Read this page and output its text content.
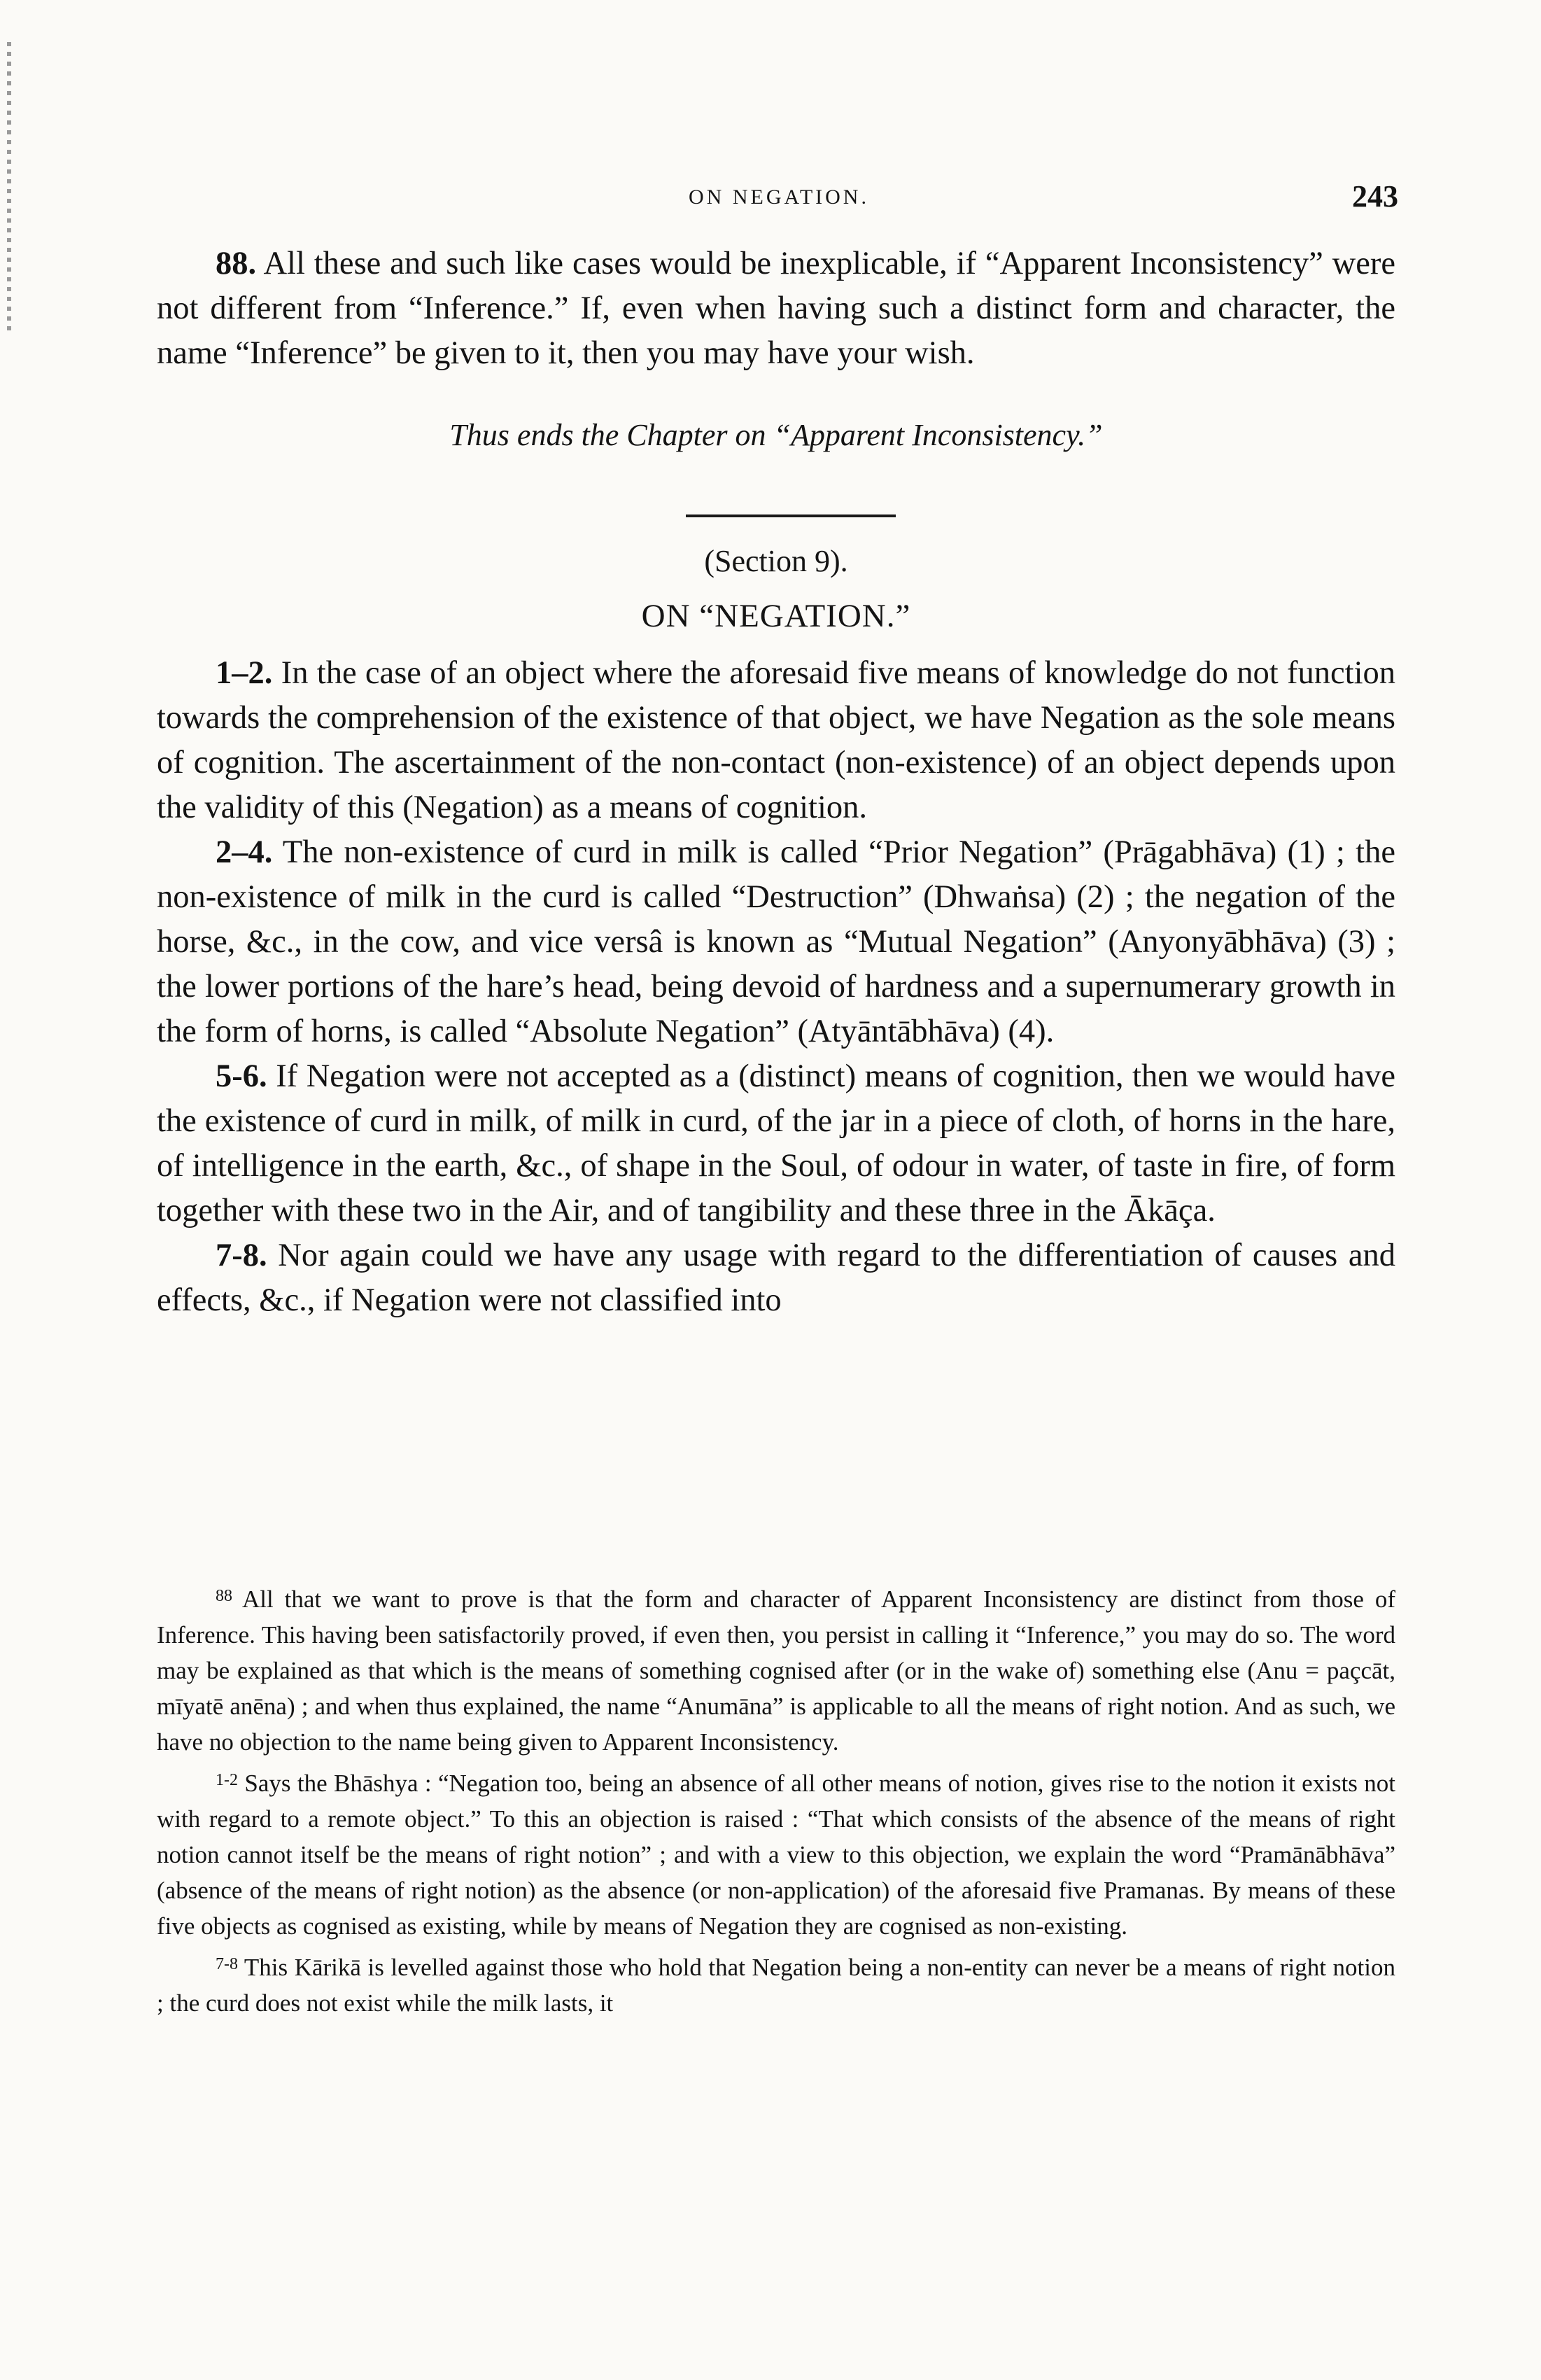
ON NEGATION.	243

88. All these and such like cases would be inexplicable, if “Apparent Inconsistency” were not different from “Inference.” If, even when having such a distinct form and character, the name “Inference” be given to it, then you may have your wish.

Thus ends the Chapter on “Apparent Inconsistency.”
(Section 9).
ON “NEGATION.”

1–2. In the case of an object where the aforesaid five means of knowledge do not function towards the comprehension of the existence of that object, we have Negation as the sole means of cognition. The ascertainment of the non-contact (non-existence) of an object depends upon the validity of this (Negation) as a means of cognition.

2–4. The non-existence of curd in milk is called “Prior Negation” (Prāgabhāva) (1) ; the non-existence of milk in the curd is called “Destruction” (Dhwaṅsa) (2) ; the negation of the horse, &c., in the cow, and vice versâ is known as “Mutual Negation” (Anyonyābhāva) (3) ; the lower portions of the hare’s head, being devoid of hardness and a supernumerary growth in the form of horns, is called “Absolute Negation” (Atyāntābhāva) (4).

5-6. If Negation were not accepted as a (distinct) means of cognition, then we would have the existence of curd in milk, of milk in curd, of the jar in a piece of cloth, of horns in the hare, of intelligence in the earth, &c., of shape in the Soul, of odour in water, of taste in fire, of form together with these two in the Air, and of tangibility and these three in the Ākāça.

7-8. Nor again could we have any usage with regard to the differentiation of causes and effects, &c., if Negation were not classified into

$^{88}$ All that we want to prove is that the form and character of Apparent Inconsistency are distinct from those of Inference. This having been satisfactorily proved, if even then, you persist in calling it “Inference,” you may do so. The word may be explained as that which is the means of something cognised after (or in the wake of) something else (Anu = paçcāt, mīyatē anēna) ; and when thus explained, the name “Anumāna” is applicable to all the means of right notion. And as such, we have no objection to the name being given to Apparent Inconsistency.

$^{1-2}$ Says the Bhāshya : “Negation too, being an absence of all other means of notion, gives rise to the notion it exists not with regard to a remote object.” To this an objection is raised : “That which consists of the absence of the means of right notion cannot itself be the means of right notion” ; and with a view to this objection, we explain the word “Pramānābhāva” (absence of the means of right notion) as the absence (or non-application) of the aforesaid five Pramanas. By means of these five objects as cognised as existing, while by means of Negation they are cognised as non-existing.

$^{7-8}$ This Kārikā is levelled against those who hold that Negation being a non-entity can never be a means of right notion ; the curd does not exist while the milk lasts, it
